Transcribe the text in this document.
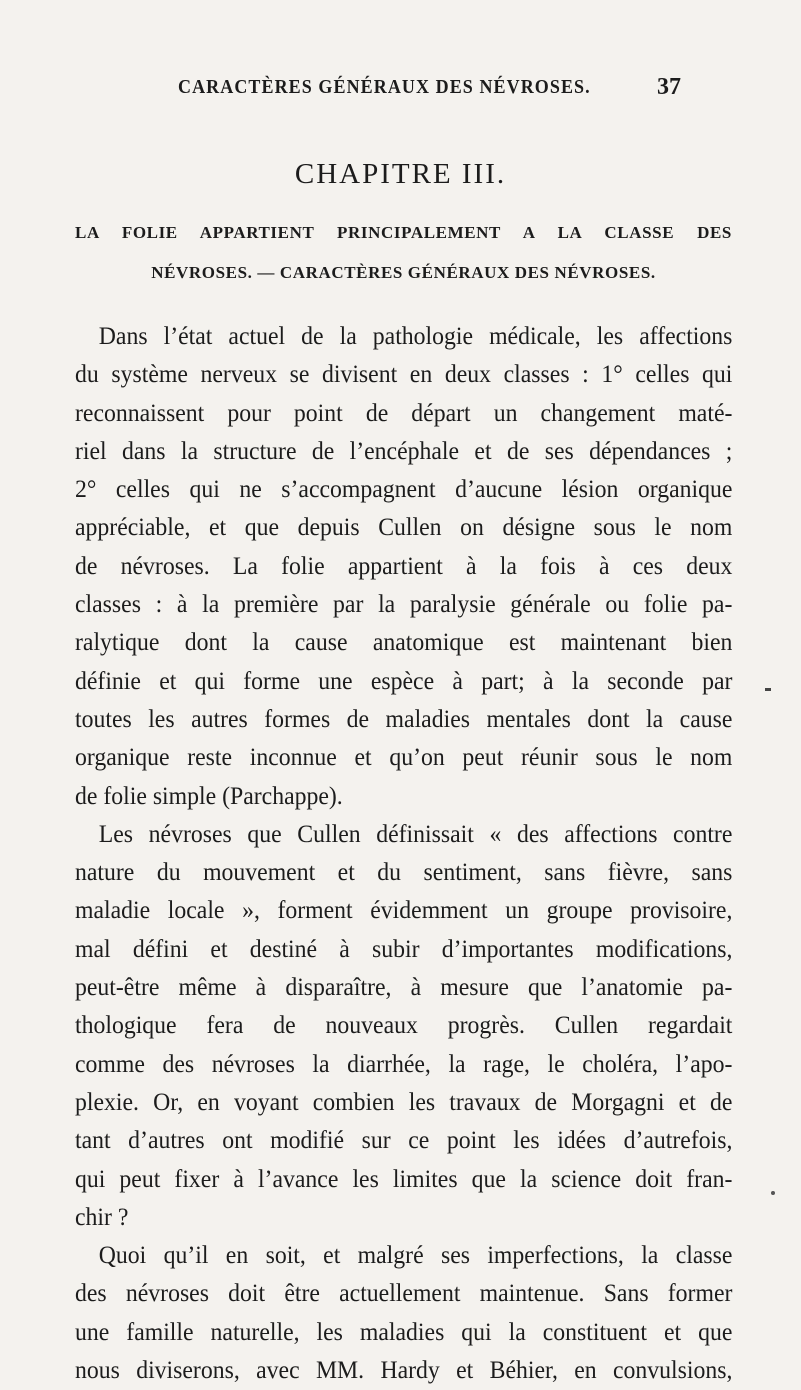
CARACTÈRES GÉNÉRAUX DES NÉVROSES.	37
CHAPITRE III.
LA FOLIE APPARTIENT PRINCIPALEMENT A LA CLASSE DES
NÉVROSES. — CARACTÈRES GÉNÉRAUX DES NÉVROSES.
Dans l’état actuel de la pathologie médicale, les affections
du système nerveux se divisent en deux classes : 1° celles qui
reconnaissent pour point de départ un changement maté-
riel dans la structure de l’encéphale et de ses dépendances ;
2° celles qui ne s’accompagnent d’aucune lésion organique
appréciable, et que depuis Cullen on désigne sous le nom
de névroses. La folie appartient à la fois à ces deux
classes : à la première par la paralysie générale ou folie pa-
ralytique dont la cause anatomique est maintenant bien
définie et qui forme une espèce à part; à la seconde par
toutes les autres formes de maladies mentales dont la cause
organique reste inconnue et qu’on peut réunir sous le nom
de folie simple (Parchappe).
Les névroses que Cullen définissait « des affections contre
nature du mouvement et du sentiment, sans fièvre, sans
maladie locale », forment évidemment un groupe provisoire,
mal défini et destiné à subir d’importantes modifications,
peut-être même à disparaître, à mesure que l’anatomie pa-
thologique fera de nouveaux progrès. Cullen regardait
comme des névroses la diarrhée, la rage, le choléra, l’apo-
plexie. Or, en voyant combien les travaux de Morgagni et de
tant d’autres ont modifié sur ce point les idées d’autrefois,
qui peut fixer à l’avance les limites que la science doit fran-
chir ?
Quoi qu’il en soit, et malgré ses imperfections, la classe
des névroses doit être actuellement maintenue. Sans former
une famille naturelle, les maladies qui la constituent et que
nous diviserons, avec MM. Hardy et Béhier, en convulsions,
